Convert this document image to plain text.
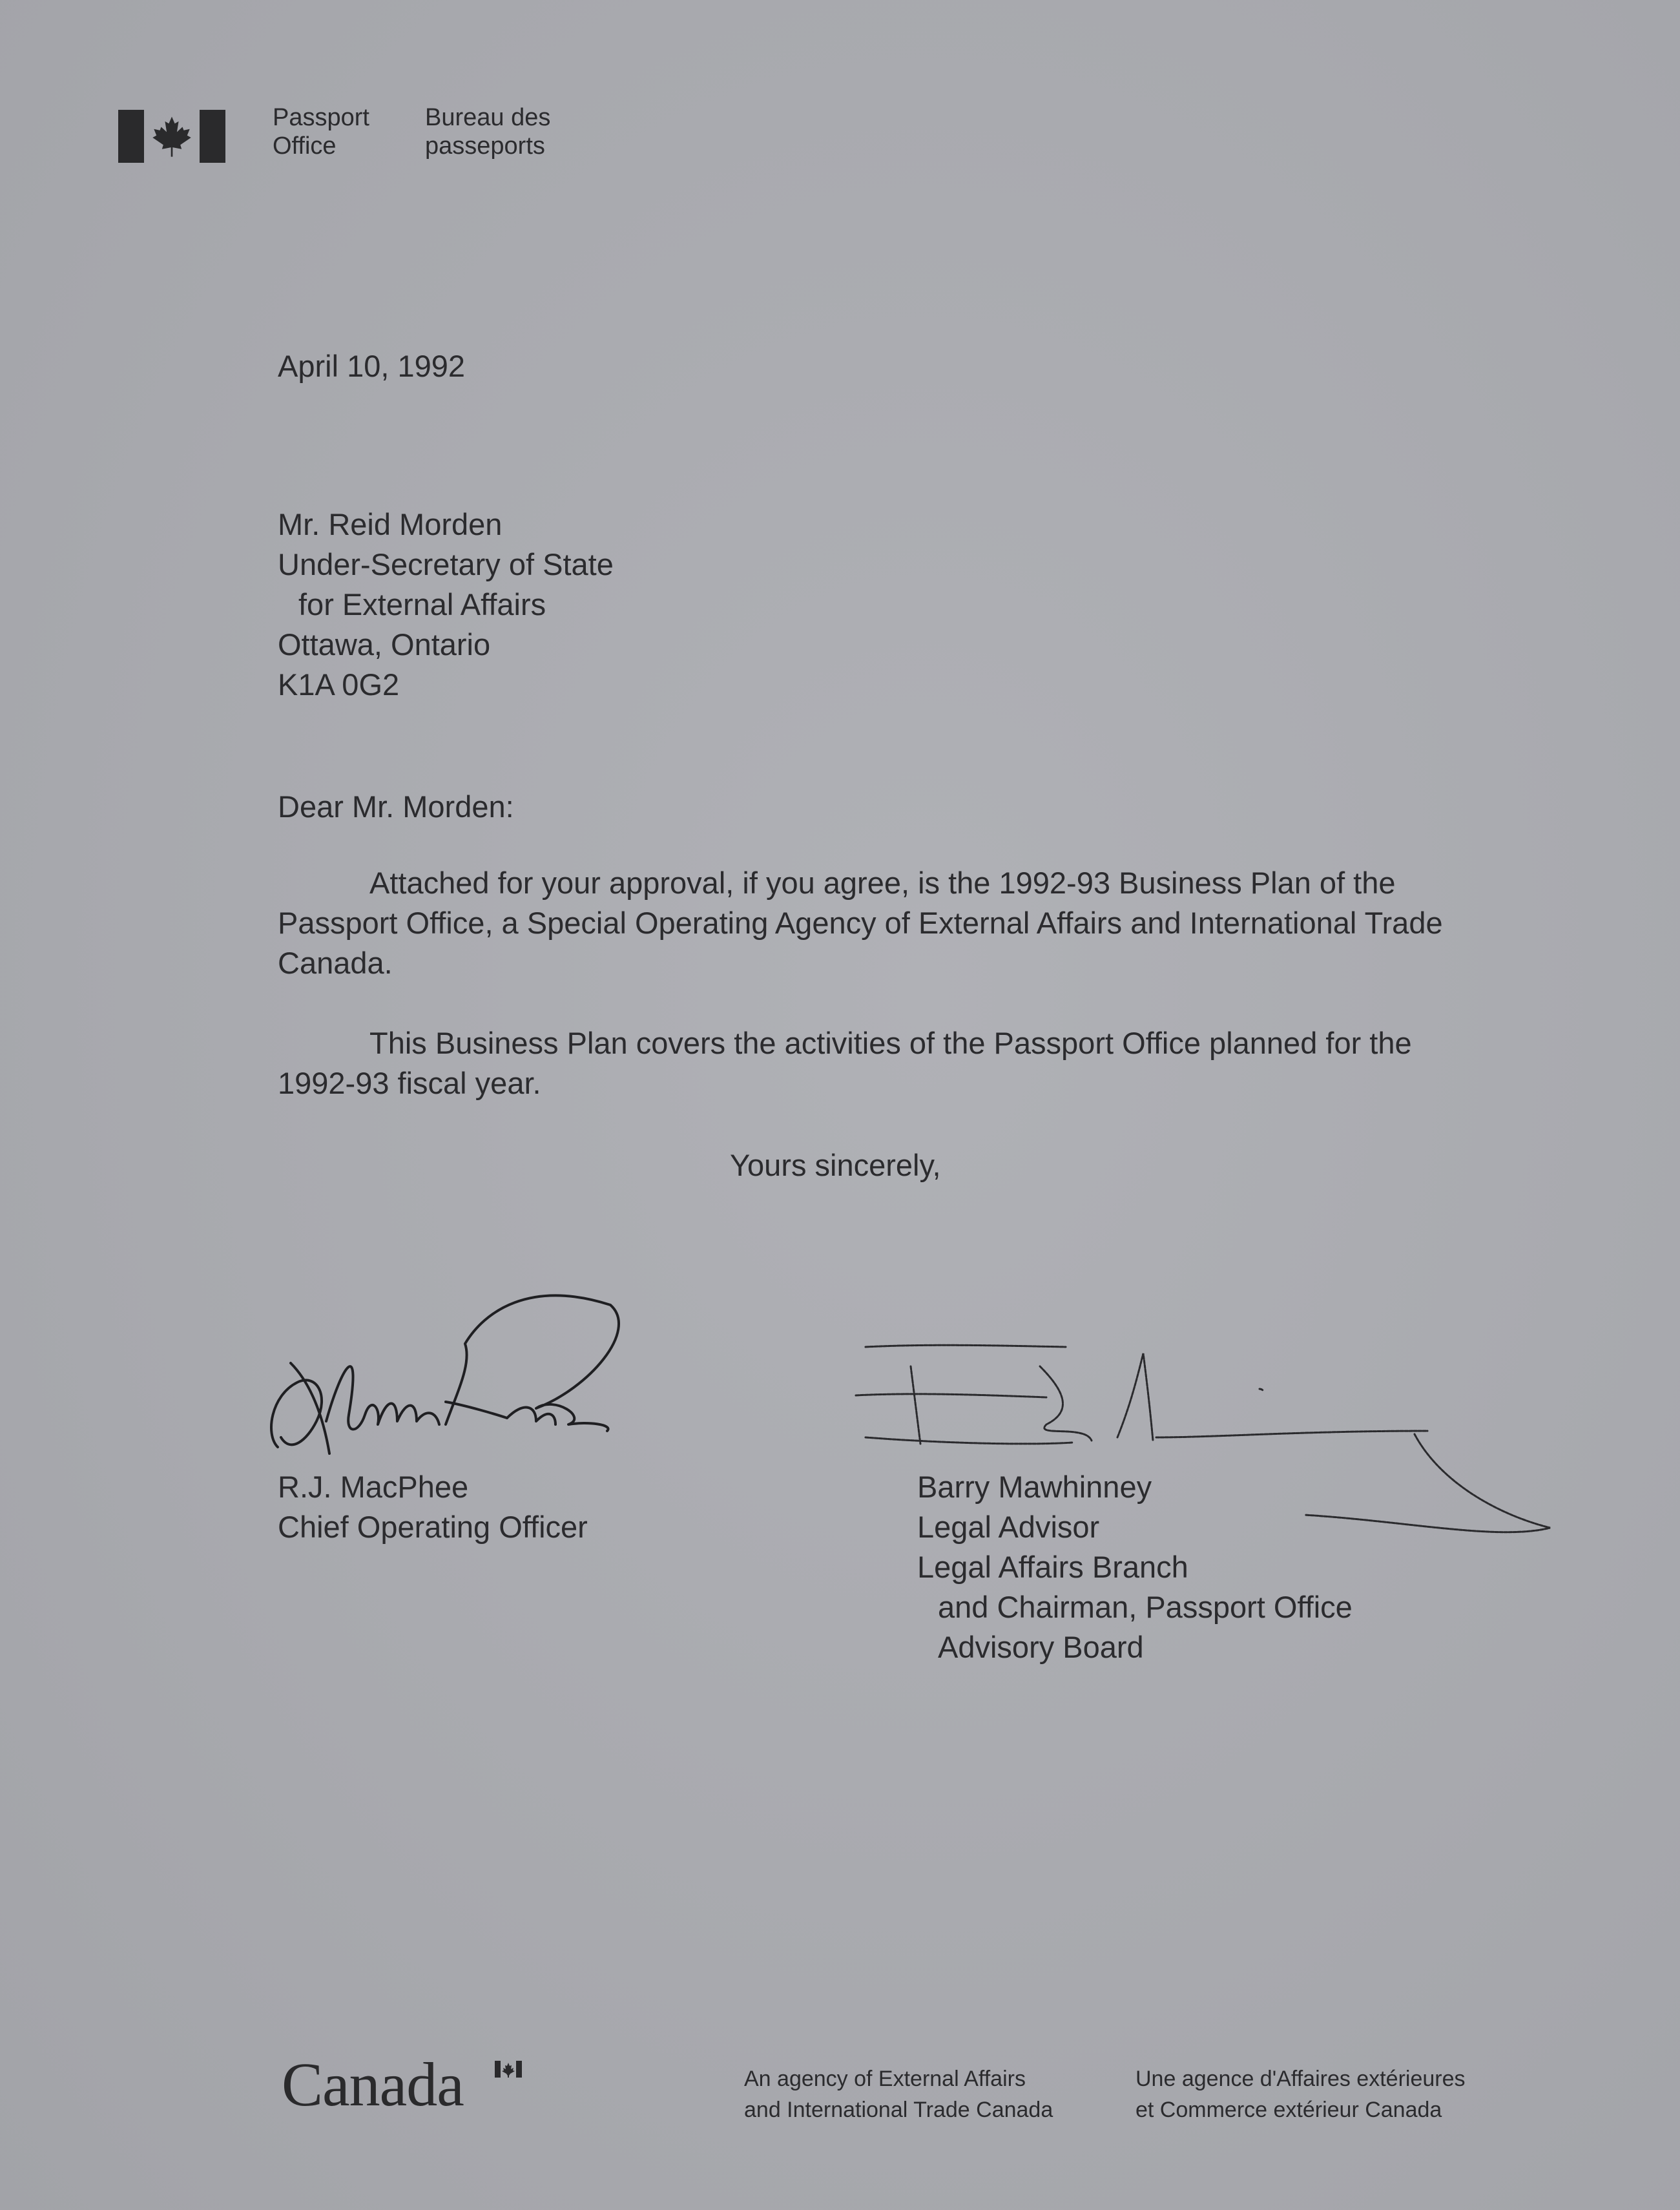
Passport
Office
Bureau des
passeports
April 10, 1992
Mr. Reid Morden
Under-Secretary of State
for External Affairs
Ottawa, Ontario
K1A 0G2
Dear Mr. Morden:
Attached for your approval, if you agree, is the 1992-93 Business Plan of the Passport Office, a Special Operating Agency of External Affairs and International Trade Canada.
This Business Plan covers the activities of the Passport Office planned for the 1992-93 fiscal year.
Yours sincerely,
R.J. MacPhee
Chief Operating Officer
Barry Mawhinney
Legal Advisor
Legal Affairs Branch
and Chairman, Passport Office
Advisory Board
Canada	An agency of External Affairs
and International Trade Canada
Une agence d'Affaires extérieures
et Commerce extérieur Canada
